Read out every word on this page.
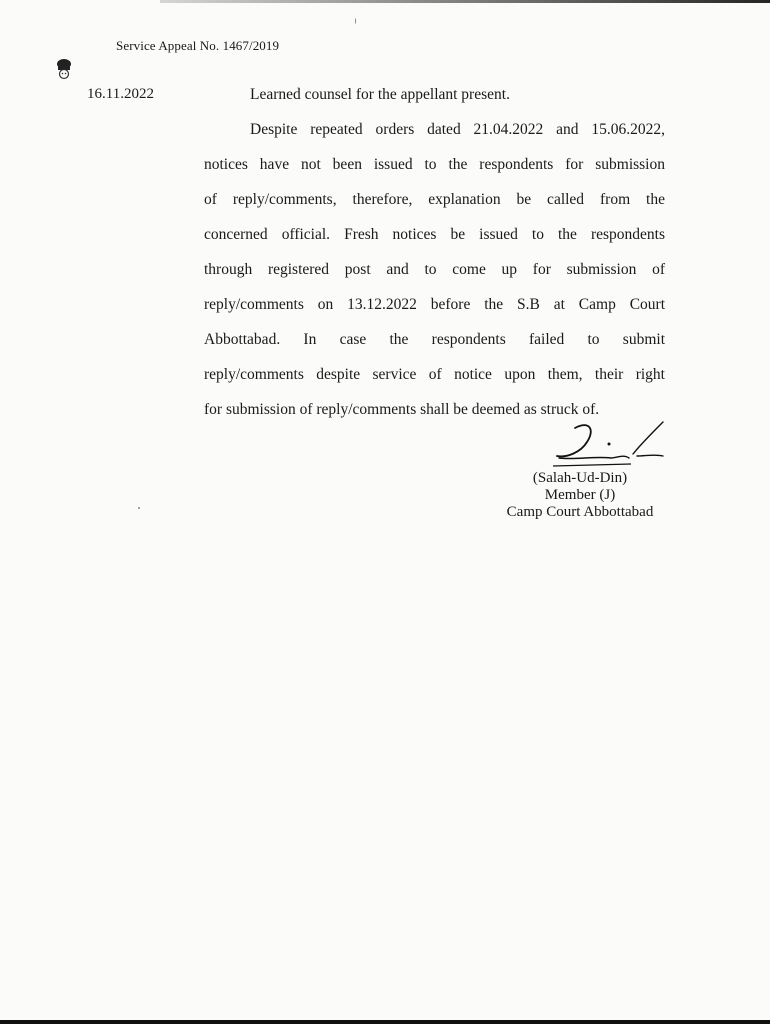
Service Appeal No. 1467/2019
16.11.2022	Learned counsel for the appellant present.
Despite repeated orders dated 21.04.2022 and 15.06.2022,
notices have not been issued to the respondents for submission
of reply/comments, therefore, explanation be called from the
concerned official. Fresh notices be issued to the respondents
through registered post and to come up for submission of
reply/comments on 13.12.2022 before the S.B at Camp Court
Abbottabad. In case the respondents failed to submit
reply/comments despite service of notice upon them, their right
for submission of reply/comments shall be deemed as struck of.
(Salah-Ud-Din)
Member (J)
Camp Court Abbottabad
